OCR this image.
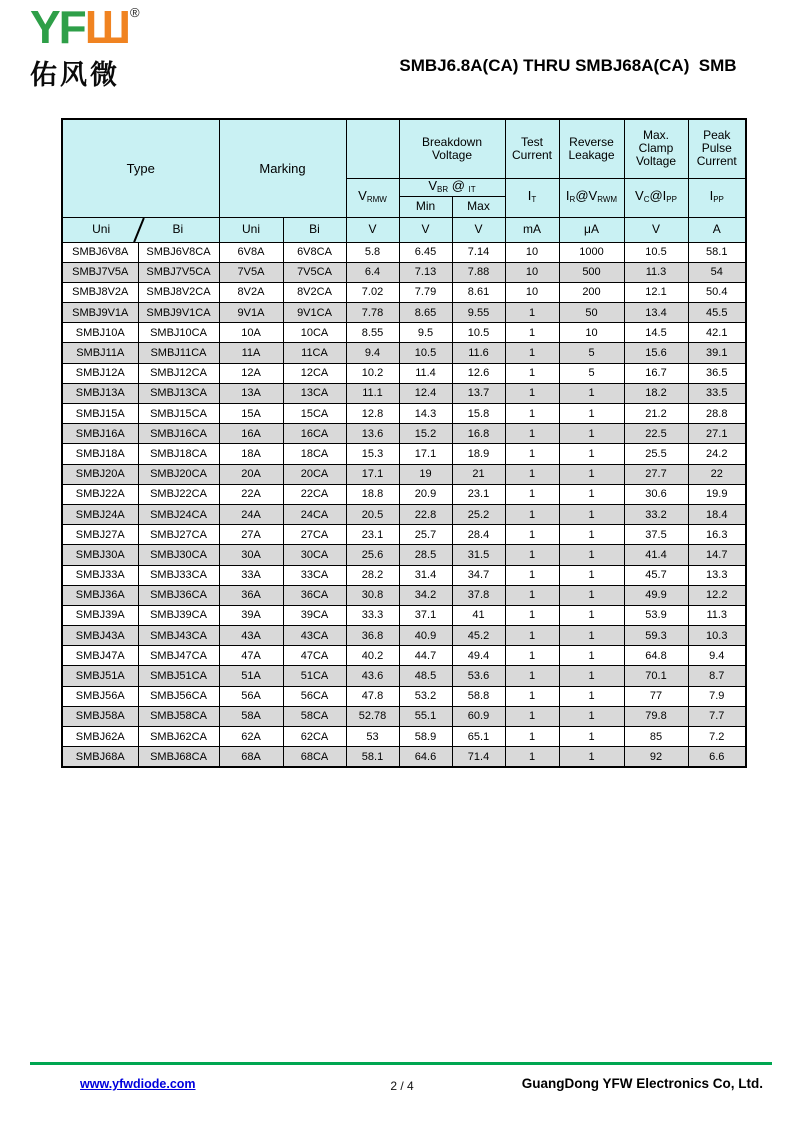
YFШ®
佑风微	SMBJ6.8A(CA) THRU SMBJ68A(CA)  SMB
Type		Marking			Breakdown Voltage		Test Current	Reverse Leakage	Max. Clamp Voltage	Peak Pulse Current
				$V_{RMW}$	$V_{BR}$ @ $_{IT}$		$I_T$	$I_R@V_{RWM}$	$V_C@I_{PP}$	$I_{PP}$
					Min	Max				

Uni Bi		Uni	Bi	V	V	V	mA	μA	V	A
SMBJ6V8A	SMBJ6V8CA	6V8A	6V8CA	5.8	6.45	7.14	10	1000	10.5	58.1
SMBJ7V5A	SMBJ7V5CA	7V5A	7V5CA	6.4	7.13	7.88	10	500	11.3	54
SMBJ8V2A	SMBJ8V2CA	8V2A	8V2CA	7.02	7.79	8.61	10	200	12.1	50.4
SMBJ9V1A	SMBJ9V1CA	9V1A	9V1CA	7.78	8.65	9.55	1	50	13.4	45.5
SMBJ10A	SMBJ10CA	10A	10CA	8.55	9.5	10.5	1	10	14.5	42.1
SMBJ11A	SMBJ11CA	11A	11CA	9.4	10.5	11.6	1	5	15.6	39.1
SMBJ12A	SMBJ12CA	12A	12CA	10.2	11.4	12.6	1	5	16.7	36.5
SMBJ13A	SMBJ13CA	13A	13CA	11.1	12.4	13.7	1	1	18.2	33.5
SMBJ15A	SMBJ15CA	15A	15CA	12.8	14.3	15.8	1	1	21.2	28.8
SMBJ16A	SMBJ16CA	16A	16CA	13.6	15.2	16.8	1	1	22.5	27.1
SMBJ18A	SMBJ18CA	18A	18CA	15.3	17.1	18.9	1	1	25.5	24.2
SMBJ20A	SMBJ20CA	20A	20CA	17.1	19	21	1	1	27.7	22
SMBJ22A	SMBJ22CA	22A	22CA	18.8	20.9	23.1	1	1	30.6	19.9
SMBJ24A	SMBJ24CA	24A	24CA	20.5	22.8	25.2	1	1	33.2	18.4
SMBJ27A	SMBJ27CA	27A	27CA	23.1	25.7	28.4	1	1	37.5	16.3
SMBJ30A	SMBJ30CA	30A	30CA	25.6	28.5	31.5	1	1	41.4	14.7
SMBJ33A	SMBJ33CA	33A	33CA	28.2	31.4	34.7	1	1	45.7	13.3
SMBJ36A	SMBJ36CA	36A	36CA	30.8	34.2	37.8	1	1	49.9	12.2
SMBJ39A	SMBJ39CA	39A	39CA	33.3	37.1	41	1	1	53.9	11.3
SMBJ43A	SMBJ43CA	43A	43CA	36.8	40.9	45.2	1	1	59.3	10.3
SMBJ47A	SMBJ47CA	47A	47CA	40.2	44.7	49.4	1	1	64.8	9.4
SMBJ51A	SMBJ51CA	51A	51CA	43.6	48.5	53.6	1	1	70.1	8.7
SMBJ56A	SMBJ56CA	56A	56CA	47.8	53.2	58.8	1	1	77	7.9
SMBJ58A	SMBJ58CA	58A	58CA	52.78	55.1	60.9	1	1	79.8	7.7
SMBJ62A	SMBJ62CA	62A	62CA	53	58.9	65.1	1	1	85	7.2
SMBJ68A	SMBJ68CA	68A	68CA	58.1	64.6	71.4	1	1	92	6.6
www.yfwdiode.com	2 / 4	GuangDong YFW Electronics Co, Ltd.
